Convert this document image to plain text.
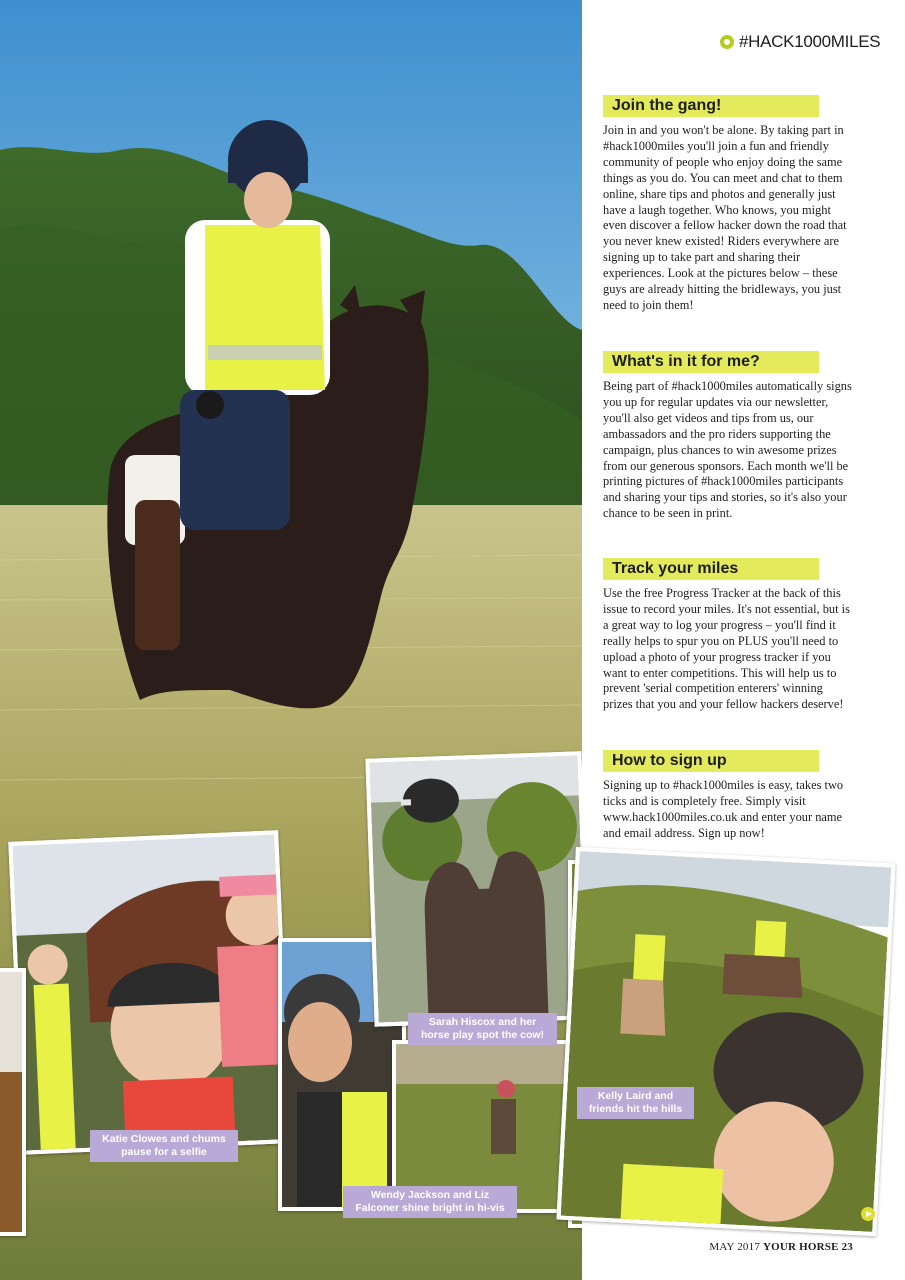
Katie Clowes and chums pause for a selfie
Wendy Jackson and Liz Falconer shine bright in hi-vis
Sarah Hiscox and her horse play spot the cow!
Kelly Laird and friends hit the hills
#HACK1000MILES
Join the gang!

Join in and you won't be alone. By taking part in #hack1000miles you'll join a fun and friendly community of people who enjoy doing the same things as you do. You can meet and chat to them online, share tips and photos and generally just have a laugh together. Who knows, you might even discover a fellow hacker down the road that you never knew existed! Riders everywhere are signing up to take part and sharing their experiences. Look at the pictures below – these guys are already hitting the bridleways, you just need to join them!

What's in it for me?

Being part of #hack1000miles automatically signs you up for regular updates via our newsletter, you'll also get videos and tips from us, our ambassadors and the pro riders supporting the campaign, plus chances to win awesome prizes from our generous sponsors. Each month we'll be printing pictures of #hack1000miles participants and sharing your tips and stories, so it's also your chance to be seen in print.

Track your miles

Use the free Progress Tracker at the back of this issue to record your miles. It's not essential, but is a great way to log your progress – you'll find it really helps to spur you on PLUS you'll need to upload a photo of your progress tracker if you want to enter competitions. This will help us to prevent 'serial competition enterers' winning prizes that you and your fellow hackers deserve!

How to sign up

Signing up to #hack1000miles is easy, takes two ticks and is completely free. Simply visit www.hack1000miles.co.uk and enter your name and email address. Sign up now!

MAY 2017 YOUR HORSE 23
